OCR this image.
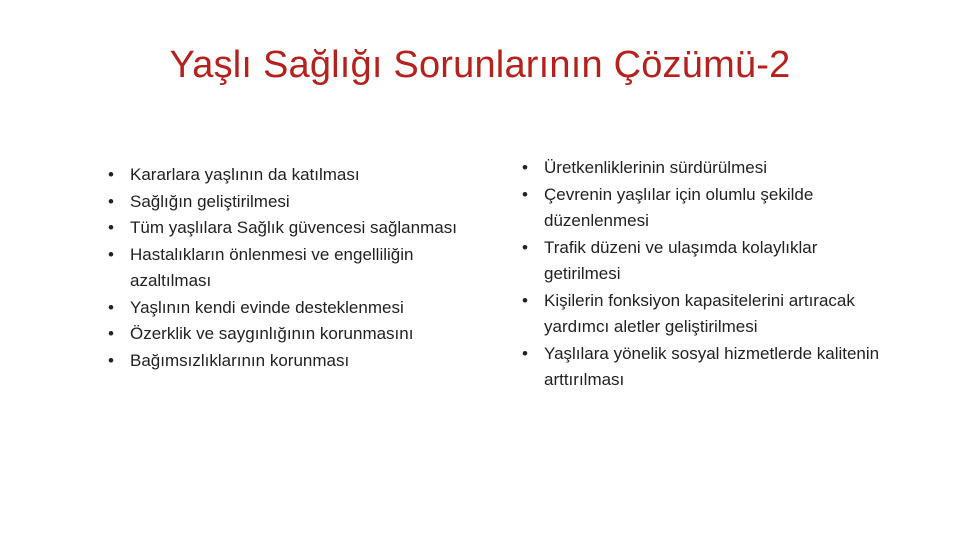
Yaşlı Sağlığı Sorunlarının Çözümü-2
• Kararlara yaşlının da katılması
• Sağlığın geliştirilmesi
• Tüm yaşlılara Sağlık güvencesi sağlanması
• Hastalıkların önlenmesi ve engelliliğin azaltılması
• Yaşlının kendi evinde desteklenmesi
• Özerklik ve saygınlığının korunmasını
• Bağımsızlıklarının korunması
• Üretkenliklerinin sürdürülmesi
• Çevrenin yaşlılar için olumlu şekilde düzenlenmesi
• Trafik düzeni ve ulaşımda kolaylıklar getirilmesi
• Kişilerin fonksiyon kapasitelerini artıracak yardımcı aletler geliştirilmesi
• Yaşlılara yönelik sosyal hizmetlerde kalitenin arttırılması
